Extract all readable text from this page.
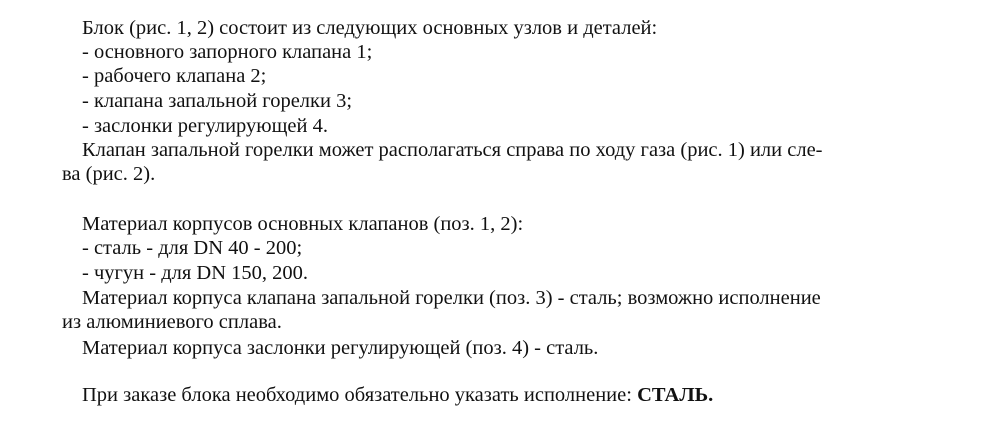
Блок (рис. 1, 2) состоит из следующих основных узлов и деталей:
- основного запорного клапана 1;
- рабочего клапана 2;
- клапана запальной горелки 3;
- заслонки регулирующей 4.
Клапан запальной горелки может располагаться справа по ходу газа (рис. 1) или сле-
ва (рис. 2).
Материал корпусов основных клапанов (поз. 1, 2):
- сталь - для DN 40 - 200;
- чугун - для DN 150, 200.
Материал корпуса клапана запальной горелки (поз. 3) - сталь; возможно исполнение
из алюминиевого сплава.
Материал корпуса заслонки регулирующей (поз. 4) - сталь.
При заказе блока необходимо обязательно указать исполнение: СТАЛЬ.
